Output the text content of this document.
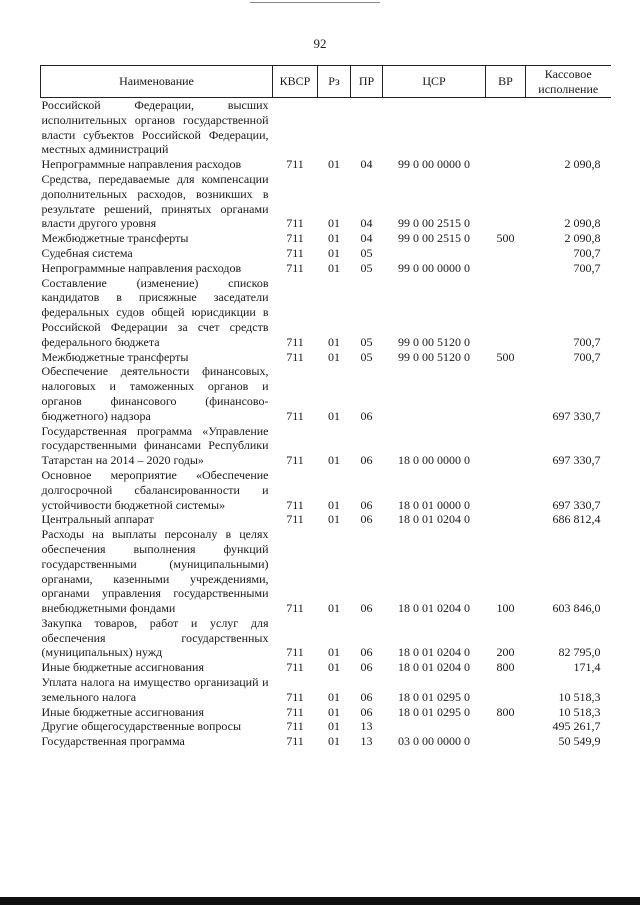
92
Наименование	КВСР	Рз	ПР	ЦСР	ВР	Кассовое исполнение
Российской Федерации, высших исполнительных органов государственной власти субъектов Российской Федерации, местных администраций						
Непрограммные направления расходов	711	01	04	99 0 00 0000 0		2 090,8
Средства, передаваемые для компенсации дополнительных расходов, возникших в результате решений, принятых органами власти другого уровня	711	01	04	99 0 00 2515 0		2 090,8
Межбюджетные трансферты	711	01	04	99 0 00 2515 0	500	2 090,8
Судебная система	711	01	05			700,7
Непрограммные направления расходов	711	01	05	99 0 00 0000 0		700,7
Составление (изменение) списков кандидатов в присяжные заседатели федеральных судов общей юрисдикции в Российской Федерации за счет средств федерального бюджета	711	01	05	99 0 00 5120 0		700,7
Межбюджетные трансферты	711	01	05	99 0 00 5120 0	500	700,7
Обеспечение деятельности финансовых, налоговых и таможенных органов и органов финансового (финансово-бюджетного) надзора	711	01	06			697 330,7
Государственная программа «Управление государственными финансами Республики Татарстан на 2014 – 2020 годы»	711	01	06	18 0 00 0000 0		697 330,7
Основное мероприятие «Обеспечение долгосрочной сбалансированности и устойчивости бюджетной системы»	711	01	06	18 0 01 0000 0		697 330,7
Центральный аппарат	711	01	06	18 0 01 0204 0		686 812,4
Расходы на выплаты персоналу в целях обеспечения выполнения функций государственными (муниципальными) органами, казенными учреждениями, органами управления государственными внебюджетными фондами	711	01	06	18 0 01 0204 0	100	603 846,0
Закупка товаров, работ и услуг для обеспечения государственных (муниципальных) нужд	711	01	06	18 0 01 0204 0	200	82 795,0
Иные бюджетные ассигнования	711	01	06	18 0 01 0204 0	800	171,4
Уплата налога на имущество организаций и земельного налога	711	01	06	18 0 01 0295 0		10 518,3
Иные бюджетные ассигнования	711	01	06	18 0 01 0295 0	800	10 518,3
Другие общегосударственные вопросы	711	01	13			495 261,7
Государственная программа	711	01	13	03 0 00 0000 0		50 549,9
